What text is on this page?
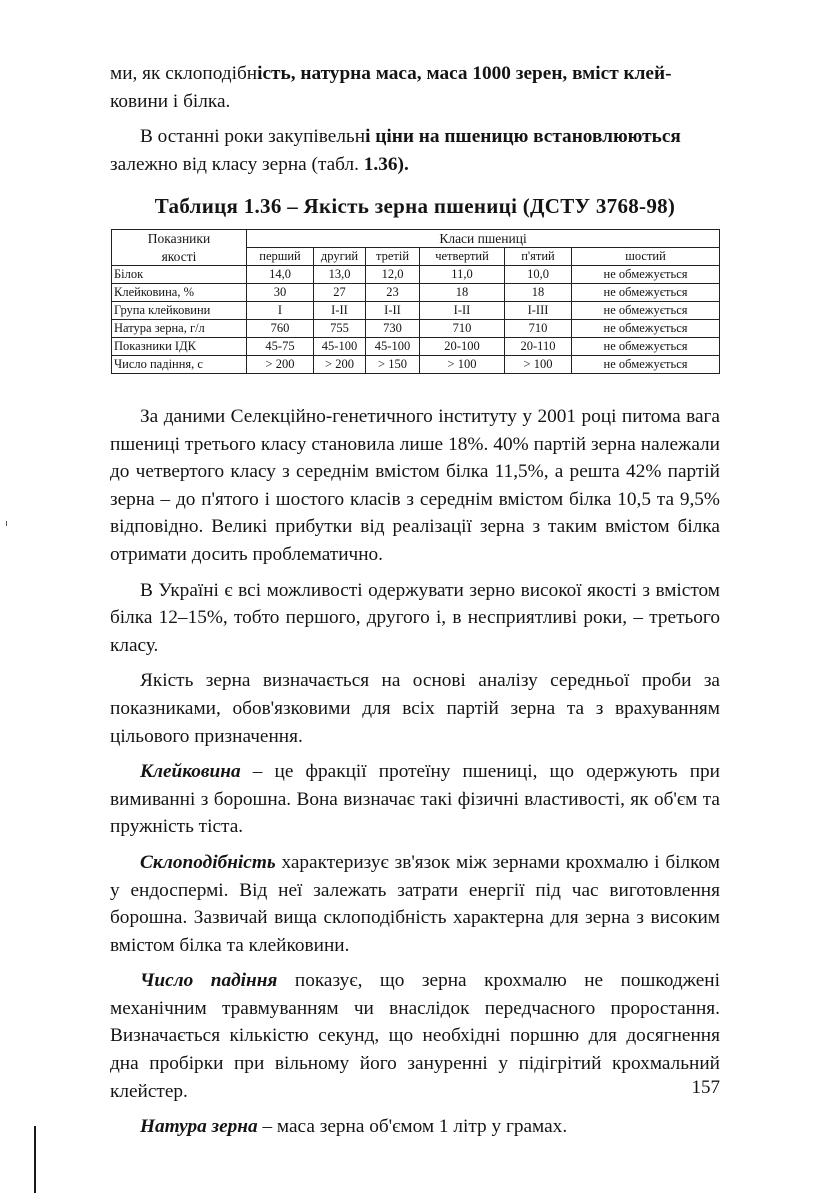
ми, як склоподібність, натурна маса, маса 1000 зерен, вміст клей-
ковини і білка.

В останні роки закупівельні ціни на пшеницю встановлюються
залежно від класу зерна (табл. 1.36).

Таблиця 1.36 – Якість зерна пшениці (ДСТУ 3768-98)
Показники
якості	Класи пшениці					
	перший	другий	третій	четвертий	п'ятий	шостий
Білок	14,0	13,0	12,0	11,0	10,0	не обмежується
Клейковина, %	30	27	23	18	18	не обмежується
Група клейковини	I	I-II	I-II	I-II	I-III	не обмежується
Натура зерна, г/л	760	755	730	710	710	не обмежується
Показники ІДК	45-75	45-100	45-100	20-100	20-110	не обмежується
Число падіння, с	> 200	> 200	> 150	> 100	> 100	не обмежується

За даними Селекційно-генетичного інституту у 2001 році питома вага пшениці третього класу становила лише 18%. 40% партій зерна належали до четвертого класу з середнім вмістом білка 11,5%, а решта 42% партій зерна – до п'ятого і шостого класів з середнім вмістом білка 10,5 та 9,5% відповідно. Великі прибутки від реалізації зерна з таким вмістом білка отримати досить проблематично.

В Україні є всі можливості одержувати зерно високої якості з вмістом білка 12–15%, тобто першого, другого і, в несприятливі роки, – третього класу.

Якість зерна визначається на основі аналізу середньої проби за показниками, обов'язковими для всіх партій зерна та з врахуванням цільового призначення.

Клейковина – це фракції протеїну пшениці, що одержують при вимиванні з борошна. Вона визначає такі фізичні властивості, як об'єм та пружність тіста.

Склоподібність характеризує зв'язок між зернами крохмалю і білком у ендоспермі. Від неї залежать затрати енергії під час виготовлення борошна. Зазвичай вища склоподібність характерна для зерна з високим вмістом білка та клейковини.

Число падіння показує, що зерна крохмалю не пошкоджені механічним травмуванням чи внаслідок передчасного проростання. Визначається кількістю секунд, що необхідні поршню для досягнення дна пробірки при вільному його зануренні у підігрітий крохмальний клейстер.

Натура зерна – маса зерна об'ємом 1 літр у грамах.

157
